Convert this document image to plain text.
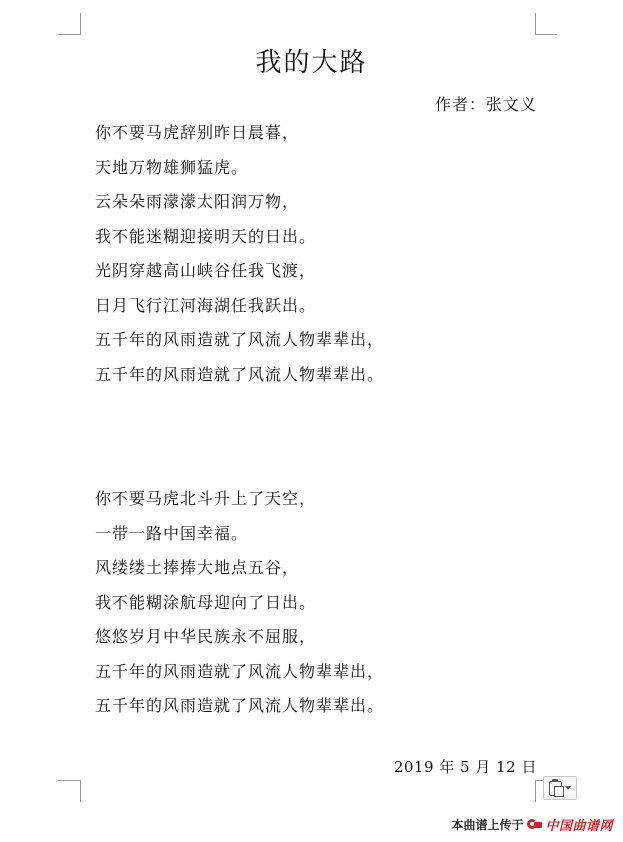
我的大路
作者：张文义
你不要马虎辞别昨日晨暮，
天地万物雄狮猛虎。
云朵朵雨濛濛太阳润万物，
我不能迷糊迎接明天的日出。
光阴穿越高山峡谷任我飞渡，
日月飞行江河海湖任我跃出。
五千年的风雨造就了风流人物辈辈出，
五千年的风雨造就了风流人物辈辈出。
你不要马虎北斗升上了天空，
一带一路中国幸福。
风缕缕土捧捧大地点五谷，
我不能糊涂航母迎向了日出。
悠悠岁月中华民族永不屈服，
五千年的风雨造就了风流人物辈辈出，
五千年的风雨造就了风流人物辈辈出。
2019 年 5 月 12 日
本曲谱上传于 中国曲谱网
